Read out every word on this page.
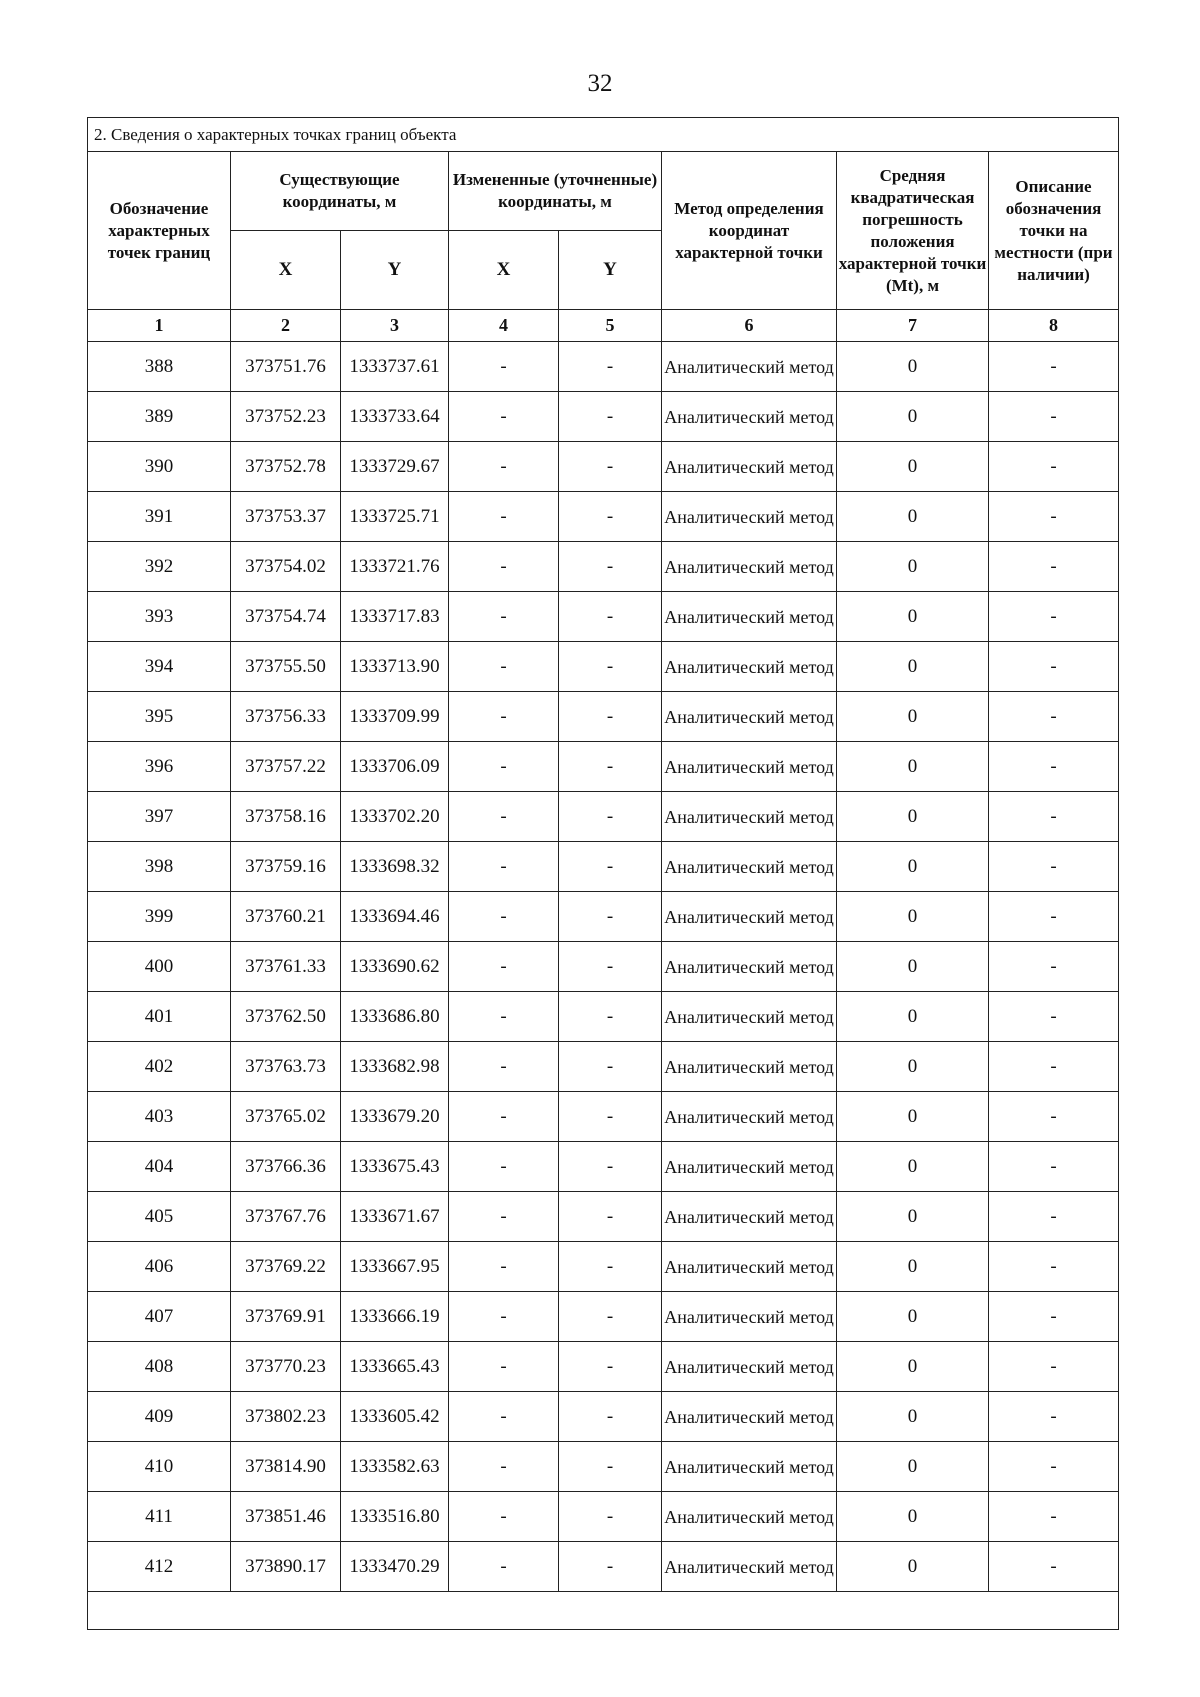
32
2. Сведения о характерных точках границ объекта							
Обозначение характерных точек границ	Существующие координаты, м		Измененные (уточненные) координаты, м		Метод определения координат характерной точки	Средняя квадратическая погрешность положения характерной точки (Mt), м	Описание обозначения точки на местности (при наличии)
	X	Y	X	Y			
1	2	3	4	5	6	7	8
388	373751.76	1333737.61	-	-	Аналитический метод	0	-
389	373752.23	1333733.64	-	-	Аналитический метод	0	-
390	373752.78	1333729.67	-	-	Аналитический метод	0	-
391	373753.37	1333725.71	-	-	Аналитический метод	0	-
392	373754.02	1333721.76	-	-	Аналитический метод	0	-
393	373754.74	1333717.83	-	-	Аналитический метод	0	-
394	373755.50	1333713.90	-	-	Аналитический метод	0	-
395	373756.33	1333709.99	-	-	Аналитический метод	0	-
396	373757.22	1333706.09	-	-	Аналитический метод	0	-
397	373758.16	1333702.20	-	-	Аналитический метод	0	-
398	373759.16	1333698.32	-	-	Аналитический метод	0	-
399	373760.21	1333694.46	-	-	Аналитический метод	0	-
400	373761.33	1333690.62	-	-	Аналитический метод	0	-
401	373762.50	1333686.80	-	-	Аналитический метод	0	-
402	373763.73	1333682.98	-	-	Аналитический метод	0	-
403	373765.02	1333679.20	-	-	Аналитический метод	0	-
404	373766.36	1333675.43	-	-	Аналитический метод	0	-
405	373767.76	1333671.67	-	-	Аналитический метод	0	-
406	373769.22	1333667.95	-	-	Аналитический метод	0	-
407	373769.91	1333666.19	-	-	Аналитический метод	0	-
408	373770.23	1333665.43	-	-	Аналитический метод	0	-
409	373802.23	1333605.42	-	-	Аналитический метод	0	-
410	373814.90	1333582.63	-	-	Аналитический метод	0	-
411	373851.46	1333516.80	-	-	Аналитический метод	0	-
412	373890.17	1333470.29	-	-	Аналитический метод	0	-
